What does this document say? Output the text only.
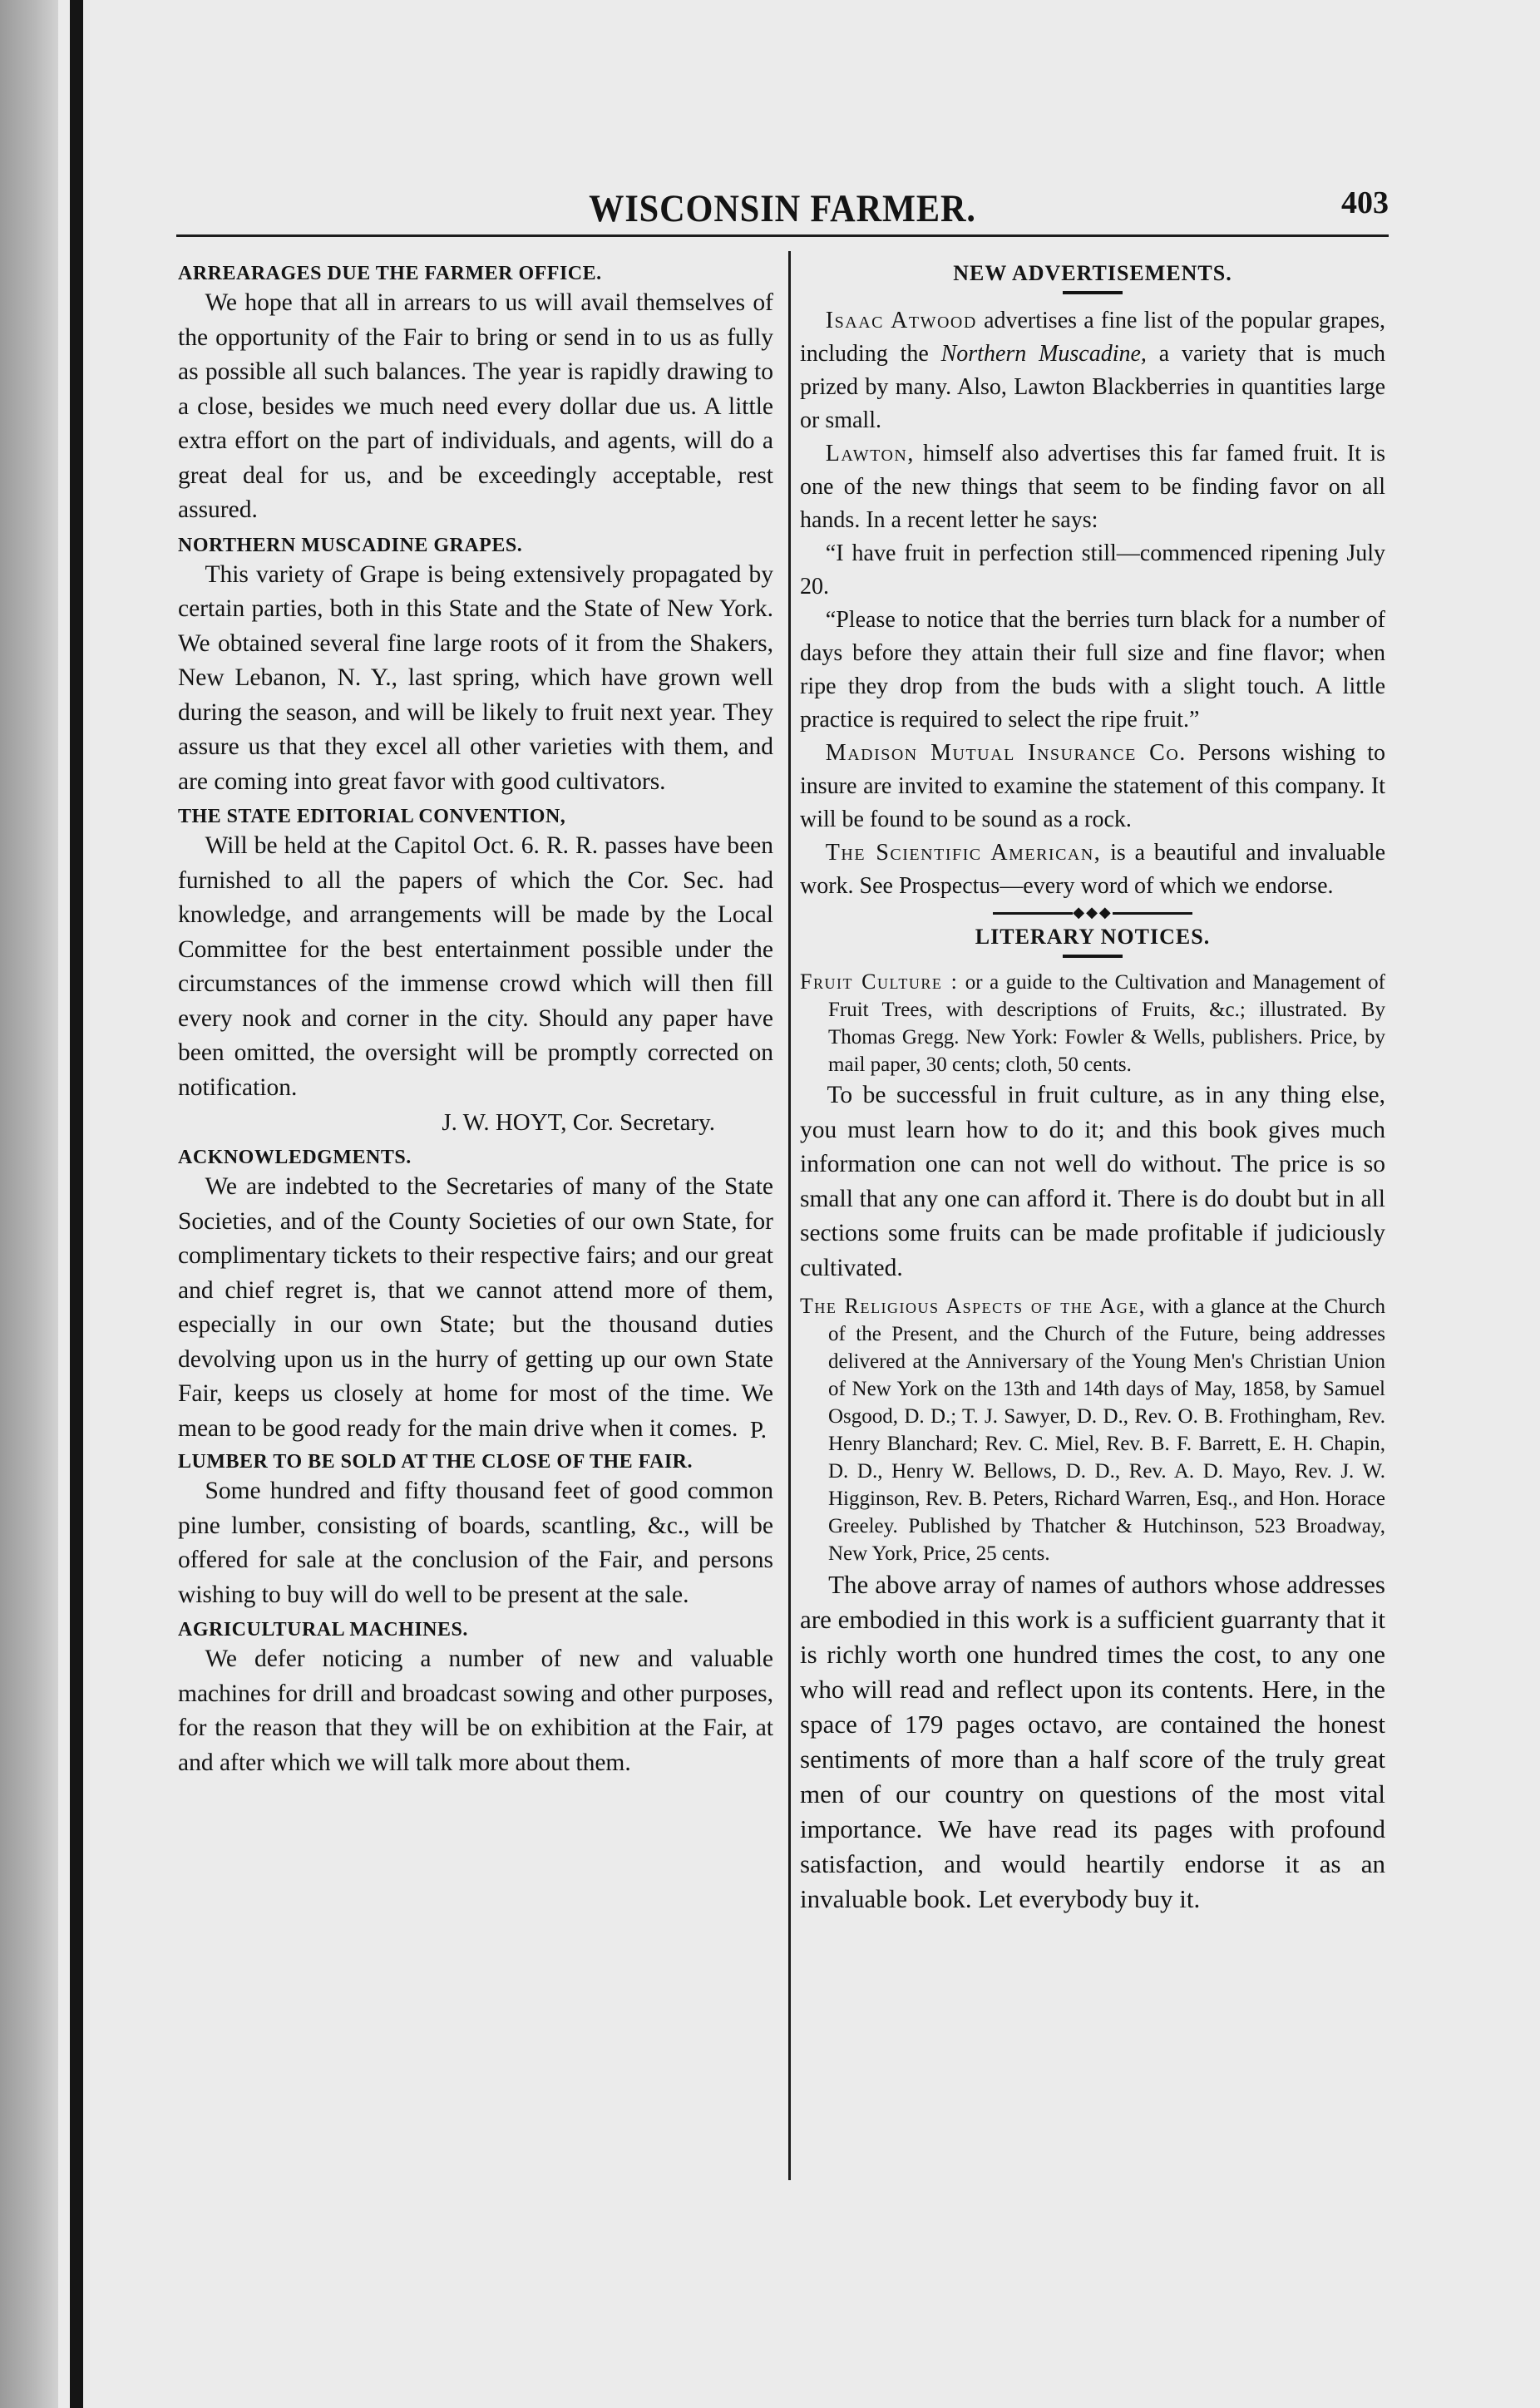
WISCONSIN FARMER.	403
ARREARAGES DUE THE FARMER OFFICE.
We hope that all in arrears to us will avail themselves of the opportunity of the Fair to bring or send in to us as fully as possible all such balances. The year is rapidly drawing to a close, besides we much need every dollar due us. A little extra effort on the part of individuals, and agents, will do a great deal for us, and be exceedingly acceptable, rest assured.
NORTHERN MUSCADINE GRAPES.
This variety of Grape is being extensively propagated by certain parties, both in this State and the State of New York. We obtained several fine large roots of it from the Shakers, New Lebanon, N. Y., last spring, which have grown well during the season, and will be likely to fruit next year. They assure us that they excel all other varieties with them, and are coming into great favor with good cultivators.
THE STATE EDITORIAL CONVENTION,
Will be held at the Capitol Oct. 6. R. R. passes have been furnished to all the papers of which the Cor. Sec. had knowledge, and arrangements will be made by the Local Committee for the best entertainment possible under the circumstances of the immense crowd which will then fill every nook and corner in the city. Should any paper have been omitted, the oversight will be promptly corrected on notification.
J. W. HOYT, Cor. Secretary.
ACKNOWLEDGMENTS.
We are indebted to the Secretaries of many of the State Societies, and of the County Societies of our own State, for complimentary tickets to their respective fairs; and our great and chief regret is, that we cannot attend more of them, especially in our own State; but the thousand duties devolving upon us in the hurry of getting up our own State Fair, keeps us closely at home for most of the time. We mean to be good ready for the main drive when it comes. P.
LUMBER TO BE SOLD AT THE CLOSE OF THE FAIR.
Some hundred and fifty thousand feet of good common pine lumber, consisting of boards, scantling, &c., will be offered for sale at the conclusion of the Fair, and persons wishing to buy will do well to be present at the sale.
AGRICULTURAL MACHINES.
We defer noticing a number of new and valuable machines for drill and broadcast sowing and other purposes, for the reason that they will be on exhibition at the Fair, at and after which we will talk more about them.
NEW ADVERTISEMENTS.
Isaac Atwood advertises a fine list of the popular grapes, including the Northern Muscadine, a variety that is much prized by many. Also, Lawton Blackberries in quantities large or small.
Lawton, himself also advertises this far famed fruit. It is one of the new things that seem to be finding favor on all hands. In a recent letter he says:
“I have fruit in perfection still—commenced ripening July 20.
“Please to notice that the berries turn black for a number of days before they attain their full size and fine flavor; when ripe they drop from the buds with a slight touch. A little practice is required to select the ripe fruit.”
Madison Mutual Insurance Co. Persons wishing to insure are invited to examine the statement of this company. It will be found to be sound as a rock.
The Scientific American, is a beautiful and invaluable work. See Prospectus—every word of which we endorse.
◆◆◆
LITERARY NOTICES.
Fruit Culture : or a guide to the Cultivation and Management of Fruit Trees, with descriptions of Fruits, &c.; illustrated. By Thomas Gregg. New York: Fowler & Wells, publishers. Price, by mail paper, 30 cents; cloth, 50 cents.
To be successful in fruit culture, as in any thing else, you must learn how to do it; and this book gives much information one can not well do without. The price is so small that any one can afford it. There is do doubt but in all sections some fruits can be made profitable if judiciously cultivated.
The Religious Aspects of the Age, with a glance at the Church of the Present, and the Church of the Future, being addresses delivered at the Anniversary of the Young Men's Christian Union of New York on the 13th and 14th days of May, 1858, by Samuel Osgood, D. D.; T. J. Sawyer, D. D., Rev. O. B. Frothingham, Rev. Henry Blanchard; Rev. C. Miel, Rev. B. F. Barrett, E. H. Chapin, D. D., Henry W. Bellows, D. D., Rev. A. D. Mayo, Rev. J. W. Higginson, Rev. B. Peters, Richard Warren, Esq., and Hon. Horace Greeley. Published by Thatcher & Hutchinson, 523 Broadway, New York, Price, 25 cents.
The above array of names of authors whose addresses are embodied in this work is a sufficient guarranty that it is richly worth one hundred times the cost, to any one who will read and reflect upon its contents. Here, in the space of 179 pages octavo, are contained the honest sentiments of more than a half score of the truly great men of our country on questions of the most vital importance. We have read its pages with profound satisfaction, and would heartily endorse it as an invaluable book. Let everybody buy it.
